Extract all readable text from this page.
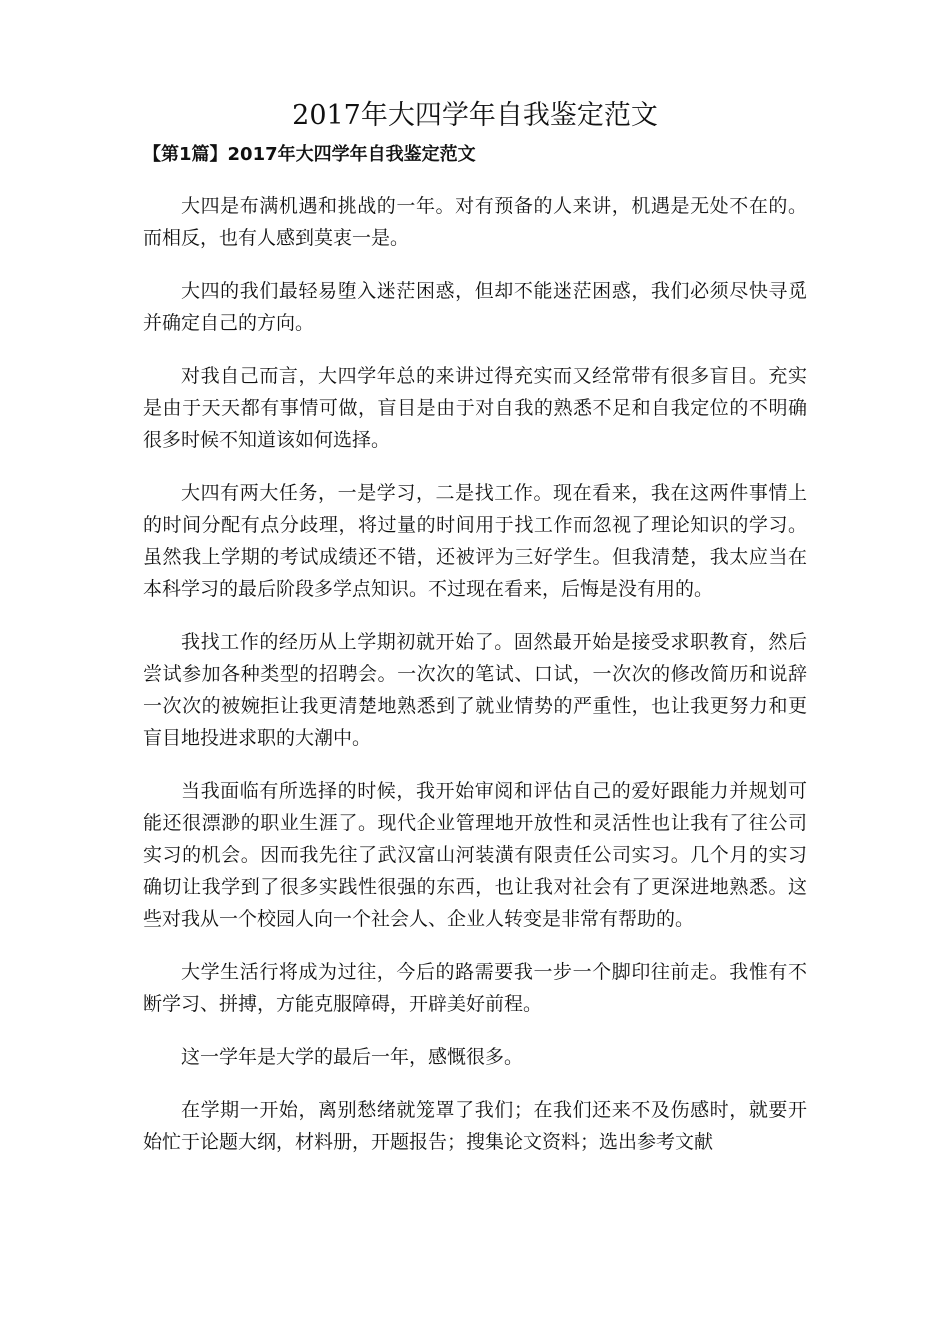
2017年大四学年自我鉴定范文
【第1篇】2017年大四学年自我鉴定范文

大四是布满机遇和挑战的一年。对有预备的人来讲，机遇是无处不在的。而相反，也有人感到莫衷一是。

大四的我们最轻易堕入迷茫困惑，但却不能迷茫困惑，我们必须尽快寻觅并确定自己的方向。

对我自己而言，大四学年总的来讲过得充实而又经常带有很多盲目。充实是由于天天都有事情可做，盲目是由于对自我的熟悉不足和自我定位的不明确很多时候不知道该如何选择。

大四有两大任务，一是学习，二是找工作。现在看来，我在这两件事情上的时间分配有点分歧理，将过量的时间用于找工作而忽视了理论知识的学习。虽然我上学期的考试成绩还不错，还被评为三好学生。但我清楚，我太应当在本科学习的最后阶段多学点知识。不过现在看来，后悔是没有用的。

我找工作的经历从上学期初就开始了。固然最开始是接受求职教育，然后尝试参加各种类型的招聘会。一次次的笔试、口试，一次次的修改简历和说辞一次次的被婉拒让我更清楚地熟悉到了就业情势的严重性，也让我更努力和更盲目地投进求职的大潮中。

当我面临有所选择的时候，我开始审阅和评估自己的爱好跟能力并规划可能还很漂渺的职业生涯了。现代企业管理地开放性和灵活性也让我有了往公司实习的机会。因而我先往了武汉富山河装潢有限责任公司实习。几个月的实习确切让我学到了很多实践性很强的东西，也让我对社会有了更深进地熟悉。这些对我从一个校园人向一个社会人、企业人转变是非常有帮助的。

大学生活行将成为过往，今后的路需要我一步一个脚印往前走。我惟有不断学习、拼搏，方能克服障碍，开辟美好前程。

这一学年是大学的最后一年，感慨很多。

在学期一开始，离别愁绪就笼罩了我们；在我们还来不及伤感时，就要开始忙于论题大纲，材料册，开题报告；搜集论文资料；选出参考文献
